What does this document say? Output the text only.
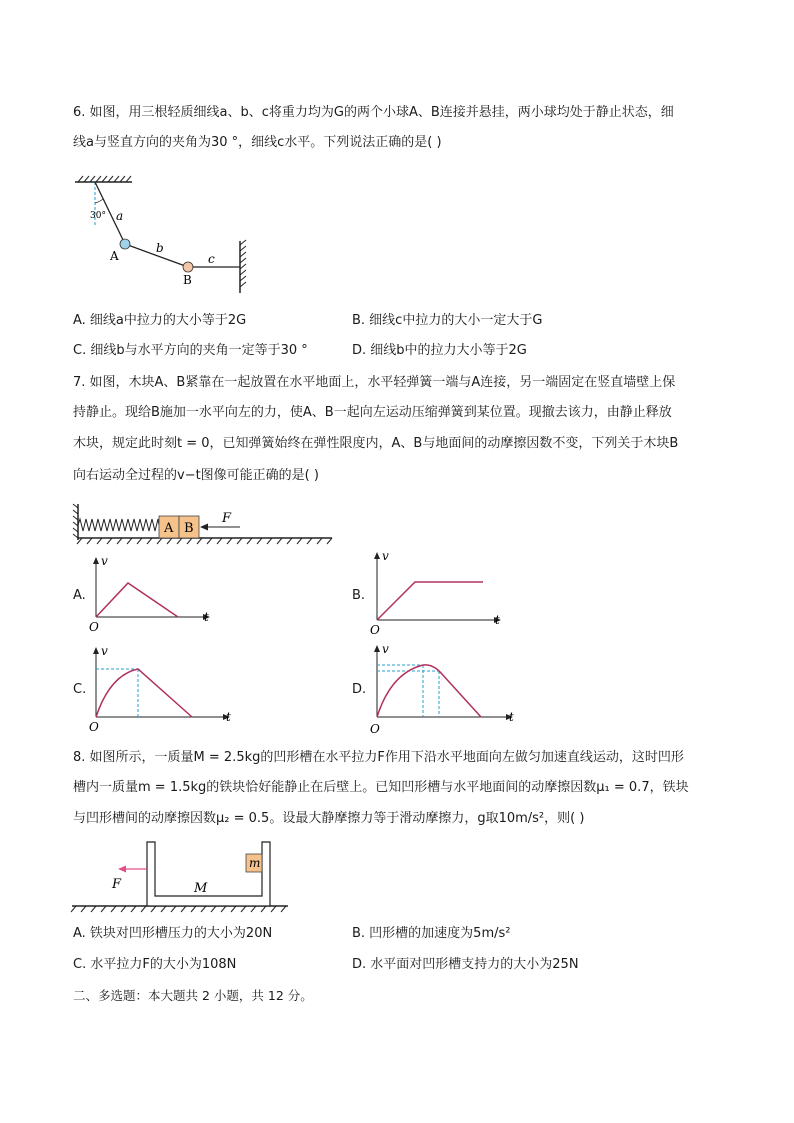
6. 如图，用三根轻质细线a、b、c将重力均为G的两个小球A、B连接并悬挂，两小球均处于静止状态，细
线a与竖直方向的夹角为30 °，细线c水平。下列说法正确的是( )
30° a
b
c
A
B
A. 细线a中拉力的大小等于2G	B. 细线c中拉力的大小一定大于G
C. 细线b与水平方向的夹角一定等于30 °	D. 细线b中的拉力大小等于2G
7. 如图，木块A、B紧靠在一起放置在水平地面上，水平轻弹簧一端与A连接，另一端固定在竖直墙壁上保
持静止。现给B施加一水平向左的力，使A、B一起向左运动压缩弹簧到某位置。现撤去该力，由静止释放
木块，规定此时刻t = 0，已知弹簧始终在弹性限度内，A、B与地面间的动摩擦因数不变，下列关于木块B
向右运动全过程的v−t图像可能正确的是( )
A B
F
A.
v
t
O
B.
v
t
O
C.
v
t
O
D.
v
t
O
8. 如图所示，一质量M = 2.5kg的凹形槽在水平拉力F作用下沿水平地面向左做匀加速直线运动，这时凹形
槽内一质量m = 1.5kg的铁块恰好能静止在后壁上。已知凹形槽与水平地面间的动摩擦因数μ₁ = 0.7，铁块
与凹形槽间的动摩擦因数μ₂ = 0.5。设最大静摩擦力等于滑动摩擦力，g取10m/s²，则( )
m
M
F
A. 铁块对凹形槽压力的大小为20N	B. 凹形槽的加速度为5m/s²
C. 水平拉力F的大小为108N	D. 水平面对凹形槽支持力的大小为25N
二、多选题：本大题共 2 小题，共 12 分。
